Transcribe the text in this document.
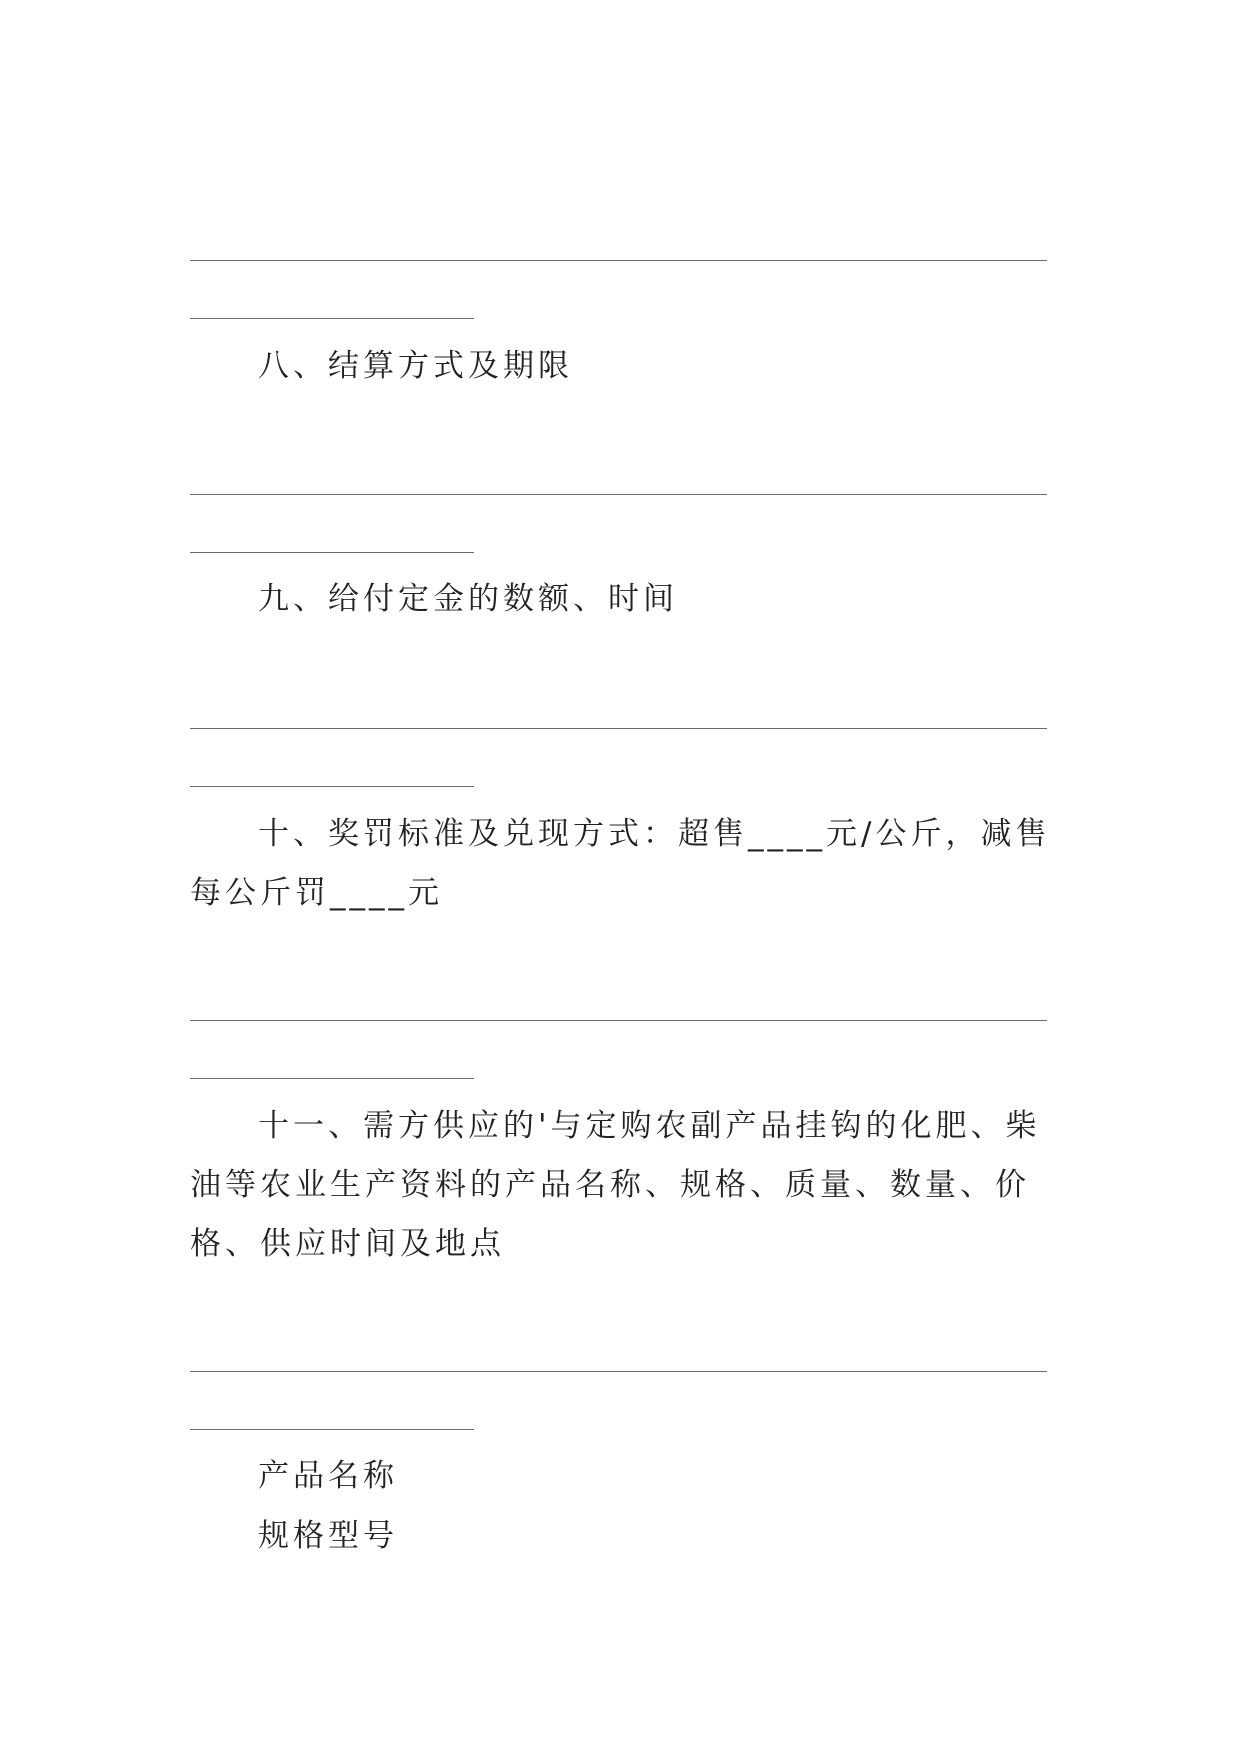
八、结算方式及期限

九、给付定金的数额、时间

十、奖罚标准及兑现方式：超售____元/公斤，减售每公斤罚____元

十一、需方供应的'与定购农副产品挂钩的化肥、柴油等农业生产资料的产品名称、规格、质量、数量、价格、供应时间及地点

产品名称
规格型号
